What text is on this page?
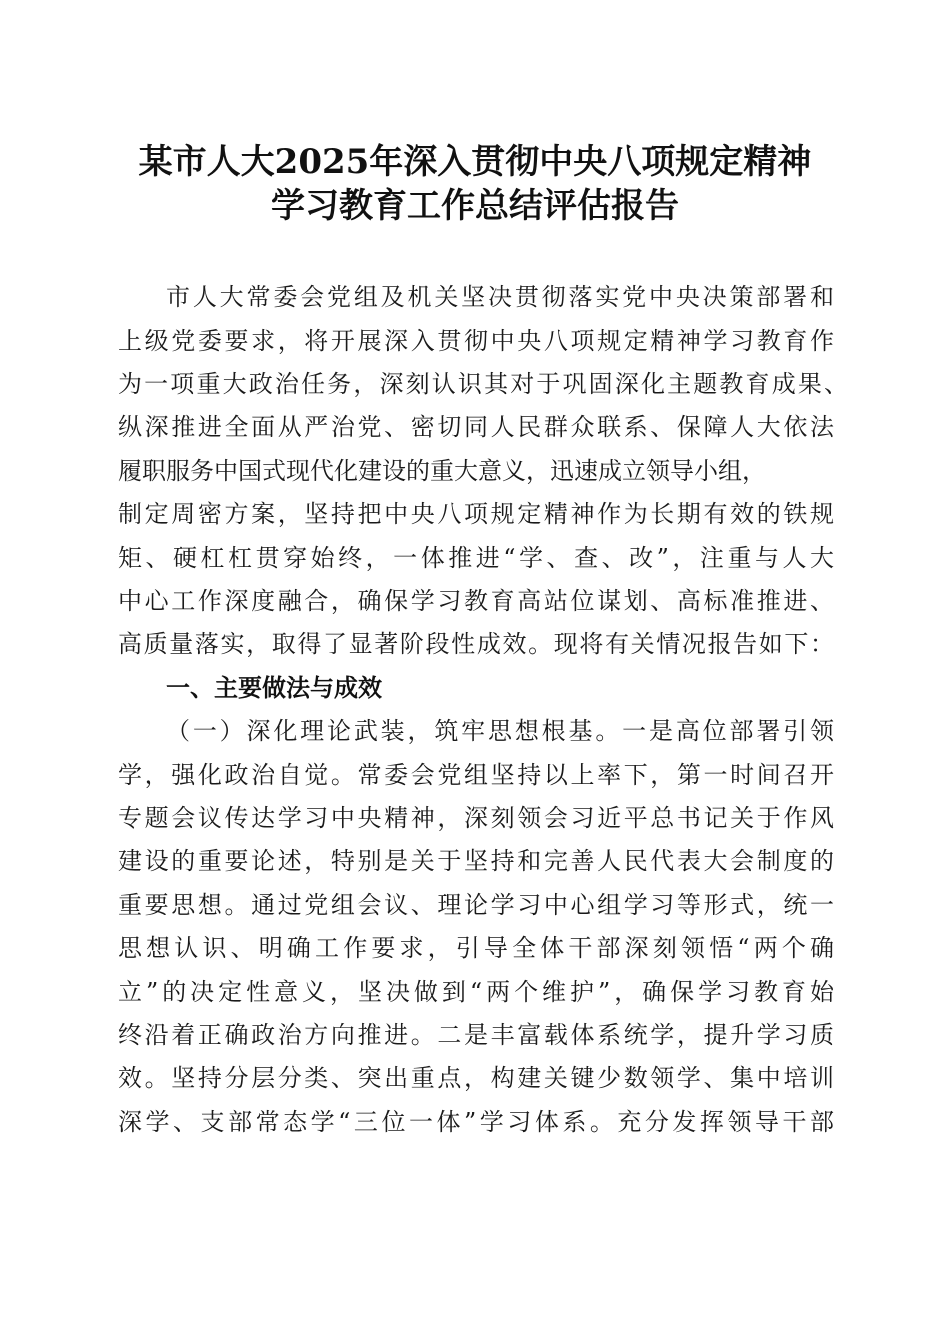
某市人大2025年深入贯彻中央八项规定精神
学习教育工作总结评估报告
市人大常委会党组及机关坚决贯彻落实党中央决策部署和
上级党委要求，将开展深入贯彻中央八项规定精神学习教育作
为一项重大政治任务，深刻认识其对于巩固深化主题教育成果、
纵深推进全面从严治党、密切同人民群众联系、保障人大依法
履职服务中国式现代化建设的重大意义，迅速成立领导小组，
制定周密方案，坚持把中央八项规定精神作为长期有效的铁规
矩、硬杠杠贯穿始终，一体推进“学、查、改”，注重与人大
中心工作深度融合，确保学习教育高站位谋划、高标准推进、
高质量落实，取得了显著阶段性成效。现将有关情况报告如下：
一、主要做法与成效
（一）深化理论武装，筑牢思想根基。一是高位部署引领
学，强化政治自觉。常委会党组坚持以上率下，第一时间召开
专题会议传达学习中央精神，深刻领会习近平总书记关于作风
建设的重要论述，特别是关于坚持和完善人民代表大会制度的
重要思想。通过党组会议、理论学习中心组学习等形式，统一
思想认识、明确工作要求，引导全体干部深刻领悟“两个确
立”的决定性意义，坚决做到“两个维护”，确保学习教育始
终沿着正确政治方向推进。二是丰富载体系统学，提升学习质
效。坚持分层分类、突出重点，构建关键少数领学、集中培训
深学、支部常态学“三位一体”学习体系。充分发挥领导干部
